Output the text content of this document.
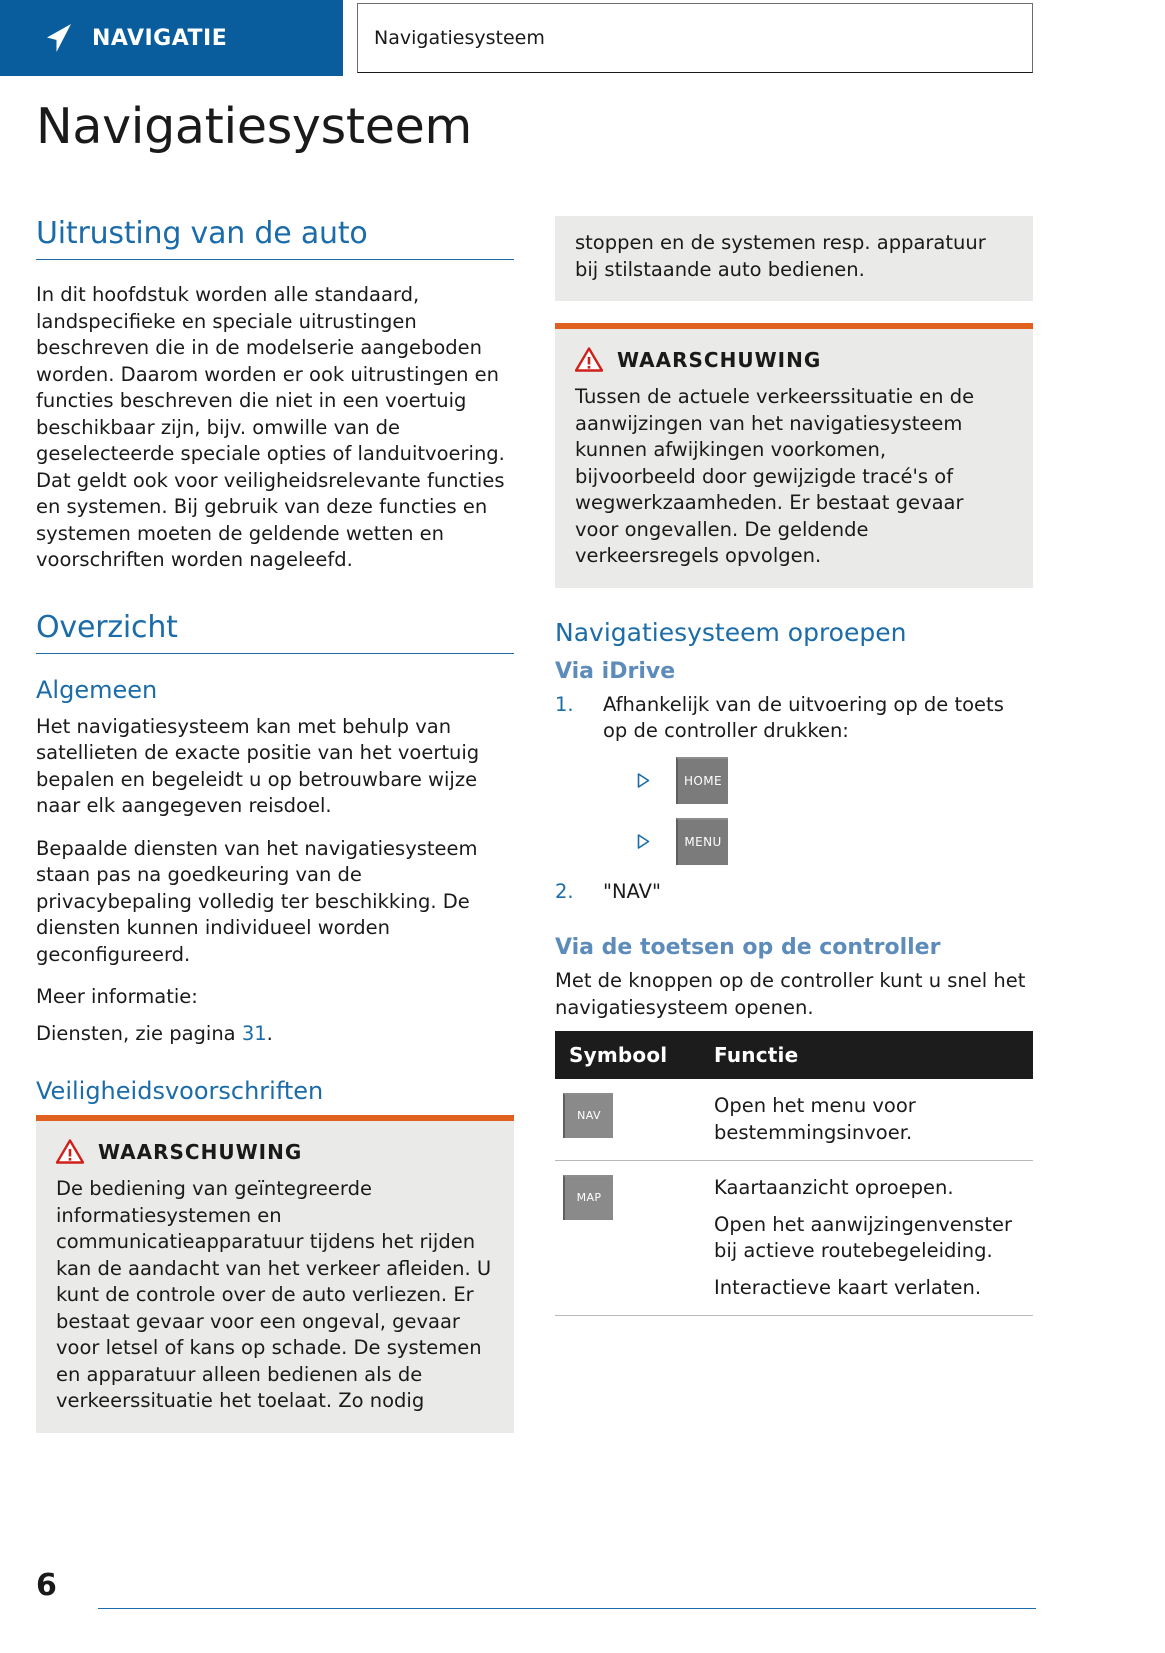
NAVIGATIE	Navigatiesysteem
Navigatiesysteem
Uitrusting van de auto

In dit hoofdstuk worden alle standaard, landspecifieke en speciale uitrustingen beschreven die in de modelserie aangeboden worden. Daarom worden er ook uitrustingen en functies beschreven die niet in een voertuig beschikbaar zijn, bijv. omwille van de geselecteerde speciale opties of landuitvoering. Dat geldt ook voor veiligheidsrelevante functies en systemen. Bij gebruik van deze functies en systemen moeten de geldende wetten en voorschriften worden nageleefd.

Overzicht
Algemeen

Het navigatiesysteem kan met behulp van satellieten de exacte positie van het voertuig bepalen en begeleidt u op betrouwbare wijze naar elk aangegeven reisdoel.

Bepaalde diensten van het navigatiesysteem staan pas na goedkeuring van de privacybepaling volledig ter beschikking. De diensten kunnen individueel worden geconfigureerd.

Meer informatie:

Diensten, zie pagina 31.

Veiligheidsvoorschriften
WAARSCHUWING

De bediening van geïntegreerde informatiesystemen en communicatieapparatuur tijdens het rijden kan de aandacht van het verkeer afleiden. U kunt de controle over de auto verliezen. Er bestaat gevaar voor een ongeval, gevaar voor letsel of kans op schade. De systemen en apparatuur alleen bedienen als de verkeerssituatie het toelaat. Zo nodig

stoppen en de systemen resp. apparatuur bij stilstaande auto bedienen.

WAARSCHUWING

Tussen de actuele verkeerssituatie en de aanwijzingen van het navigatiesysteem kunnen afwijkingen voorkomen, bijvoorbeeld door gewijzigde tracé's of wegwerkzaamheden. Er bestaat gevaar voor ongevallen. De geldende verkeersregels opvolgen.

Navigatiesysteem oproepen
Via iDrive
1. Afhankelijk van de uitvoering op de toets op de controller drukken:
HOME
MENU
2. "NAV"
Via de toetsen op de controller

Met de knoppen op de controller kunt u snel het navigatiesysteem openen.

Symbool	Functie

NAV	Open het menu voor bestemmingsinvoer.

MAP	Kaartaanzicht oproepen.

Open het aanwijzingenvenster bij actieve routebegeleiding.

Interactieve kaart verlaten.

6
